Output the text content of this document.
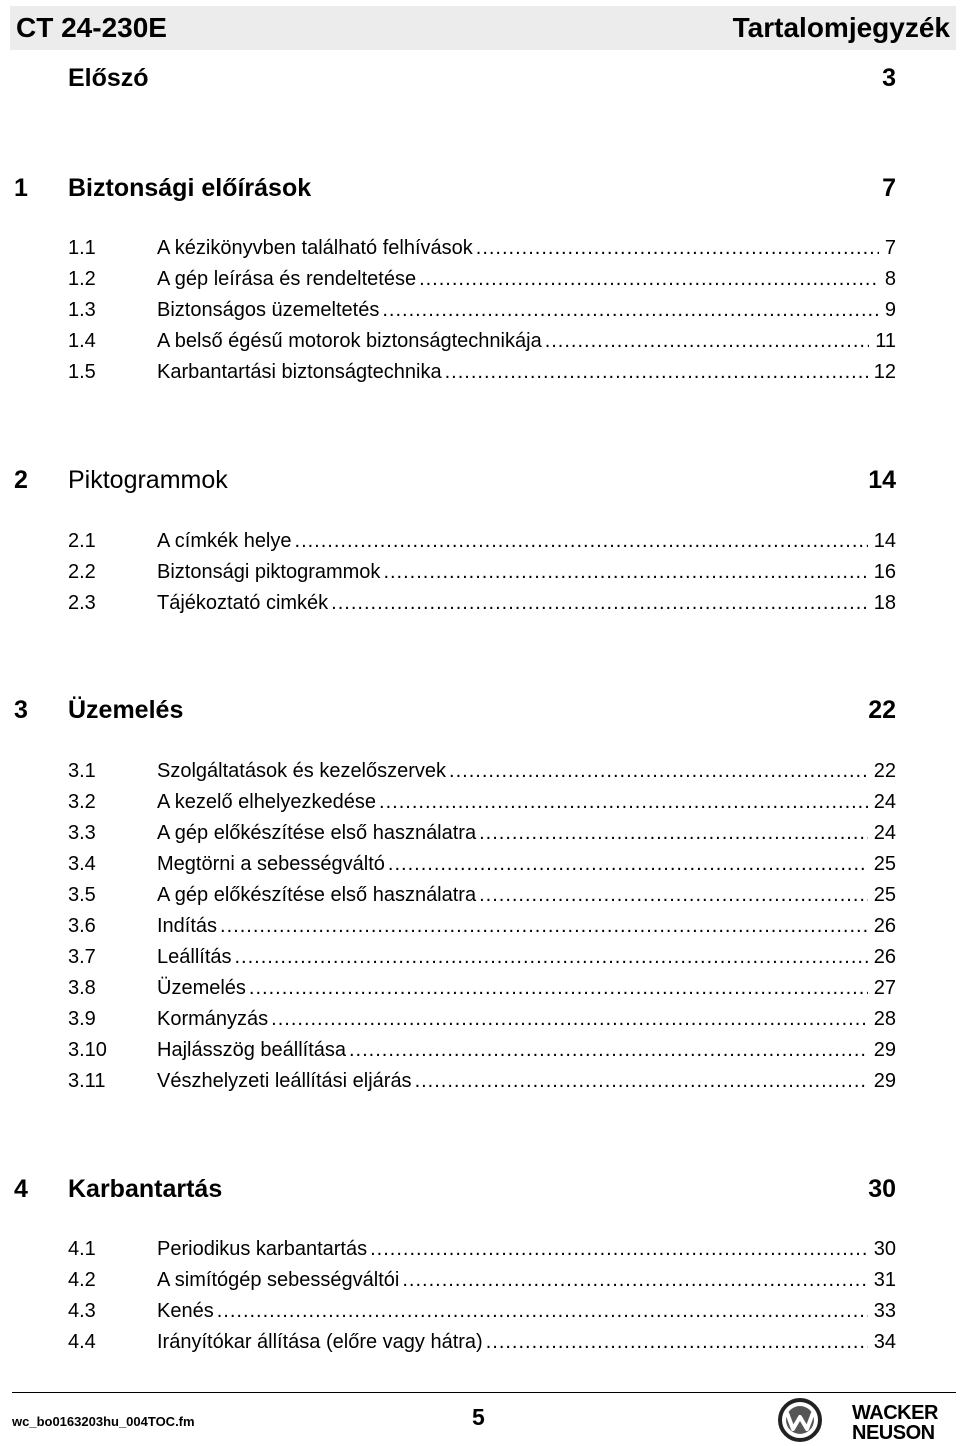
CT 24-230E	Tartalomjegyzék
Előszó	3
1 Biztonsági előírások	7
1.1	A kézikönyvben található felhívások .....	7
1.2	A gép leírása és rendeltetése .....	8
1.3	Biztonságos üzemeltetés .....	9
1.4	A belső égésű motorok biztonságtechnikája .....	11
1.5	Karbantartási biztonságtechnika .....	12
2 Piktogrammok	14
2.1	A címkék helye .....	14
2.2	Biztonsági piktogrammok .....	16
2.3	Tájékoztató cimkék .....	18
3 Üzemelés	22
3.1	Szolgáltatások és kezelőszervek .....	22
3.2	A kezelő elhelyezkedése .....	24
3.3	A gép előkészítése első használatra .....	24
3.4	Megtörni a sebességváltó .....	25
3.5	A gép előkészítése első használatra .....	25
3.6	Indítás .....	26
3.7	Leállítás .....	26
3.8	Üzemelés .....	27
3.9	Kormányzás .....	28
3.10	Hajlásszög beállítása .....	29
3.11	Vészhelyzeti leállítási eljárás .....	29
4 Karbantartás	30
4.1	Periodikus karbantartás .....	30
4.2	A simítógép sebességváltói .....	31
4.3	Kenés .....	33
4.4	Irányítókar állítása (előre vagy hátra) .....	34
wc_bo0163203hu_004TOC.fm	5	WACKER
NEUSON
